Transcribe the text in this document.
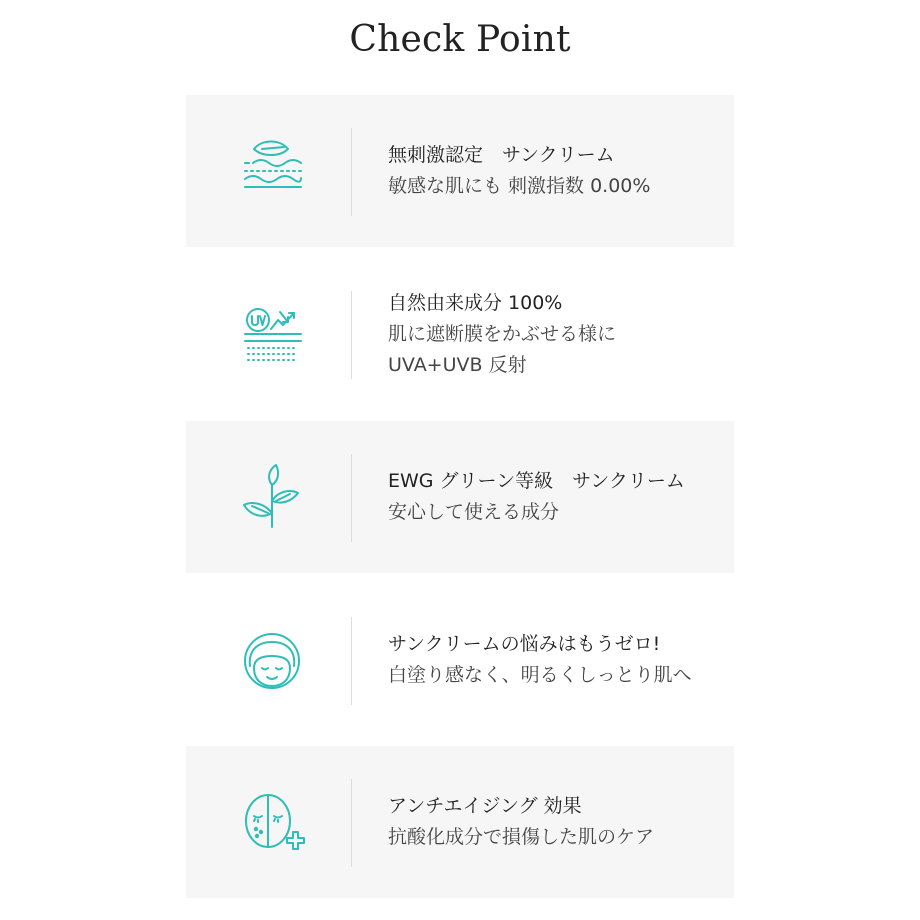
Check Point
無刺激認定　サンクリーム
敏感な肌にも 刺激指数 0.00%
自然由来成分 100%
肌に遮断膜をかぶせる様に
UVA+UVB 反射
EWG グリーン等級　サンクリーム
安心して使える成分
サンクリームの悩みはもうゼロ!
白塗り感なく、明るくしっとり肌へ
アンチエイジング 効果
抗酸化成分で損傷した肌のケア
